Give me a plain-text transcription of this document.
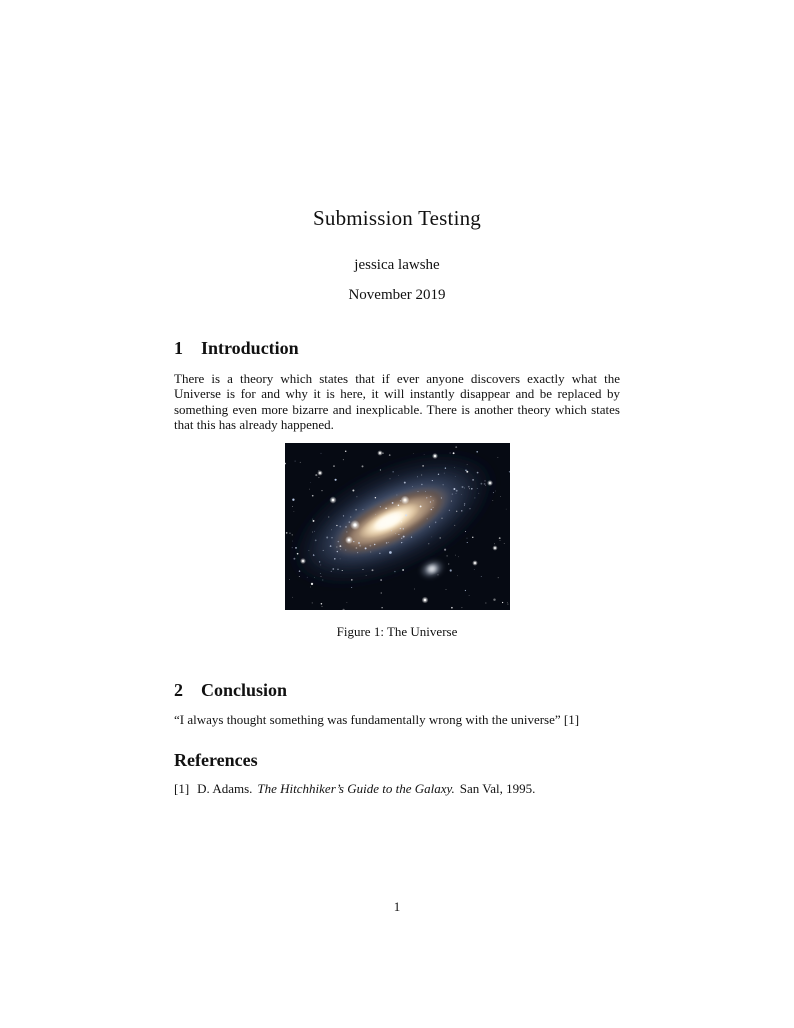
Submission Testing
jessica lawshe
November 2019
1 Introduction

There is a theory which states that if ever anyone discovers exactly what the Universe is for and why it is here, it will instantly disappear and be replaced by something even more bizarre and inexplicable. There is another theory which states that this has already happened.

Figure 1: The Universe
2 Conclusion

“I always thought something was fundamentally wrong with the universe” [1]

References
[1] D. Adams. The Hitchhiker’s Guide to the Galaxy. San Val, 1995.
1
